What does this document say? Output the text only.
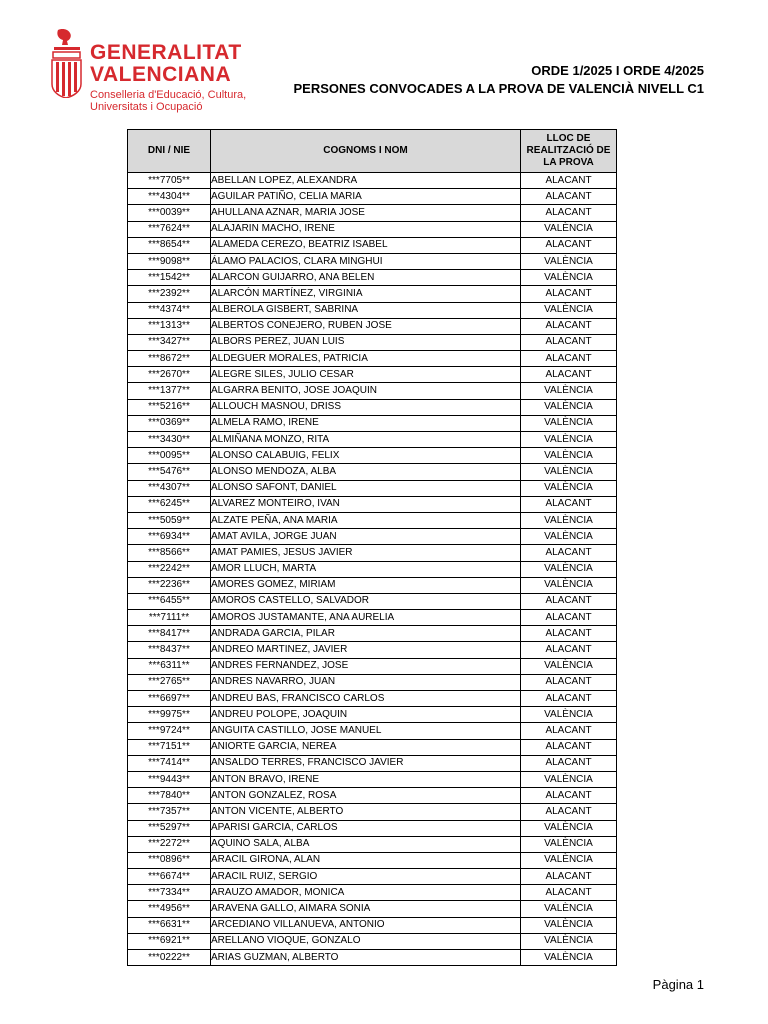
GENERALITAT
VALENCIANA
Conselleria d'Educació, Cultura,
Universitats i Ocupació
ORDE 1/2025 I ORDE 4/2025
PERSONES CONVOCADES A LA PROVA DE VALENCIÀ NIVELL C1
DNI / NIE	COGNOMS I NOM	LLOC DE REALITZACIÓ DE LA PROVA
***7705**	ABELLAN LOPEZ, ALEXANDRA	ALACANT
***4304**	AGUILAR PATIÑO, CELIA MARIA	ALACANT
***0039**	AHULLANA AZNAR, MARIA JOSE	ALACANT
***7624**	ALAJARIN MACHO, IRENE	VALÈNCIA
***8654**	ALAMEDA CEREZO, BEATRIZ ISABEL	ALACANT
***9098**	ÁLAMO PALACIOS, CLARA MINGHUI	VALÈNCIA
***1542**	ALARCON GUIJARRO, ANA BELEN	VALÈNCIA
***2392**	ALARCÓN MARTÍNEZ, VIRGINIA	ALACANT
***4374**	ALBEROLA GISBERT, SABRINA	VALÈNCIA
***1313**	ALBERTOS CONEJERO, RUBEN JOSE	ALACANT
***3427**	ALBORS PEREZ, JUAN LUIS	ALACANT
***8672**	ALDEGUER MORALES, PATRICIA	ALACANT
***2670**	ALEGRE SILES, JULIO CESAR	ALACANT
***1377**	ALGARRA BENITO, JOSE JOAQUIN	VALÈNCIA
***5216**	ALLOUCH MASNOU, DRISS	VALÈNCIA
***0369**	ALMELA RAMO, IRENE	VALÈNCIA
***3430**	ALMIÑANA MONZO, RITA	VALÈNCIA
***0095**	ALONSO CALABUIG, FELIX	VALÈNCIA
***5476**	ALONSO MENDOZA, ALBA	VALÈNCIA
***4307**	ALONSO SAFONT, DANIEL	VALÈNCIA
***6245**	ALVAREZ MONTEIRO, IVAN	ALACANT
***5059**	ALZATE PEÑA, ANA MARIA	VALÈNCIA
***6934**	AMAT AVILA, JORGE JUAN	VALÈNCIA
***8566**	AMAT PAMIES, JESUS JAVIER	ALACANT
***2242**	AMOR LLUCH, MARTA	VALÈNCIA
***2236**	AMORES GOMEZ, MIRIAM	VALÈNCIA
***6455**	AMOROS CASTELLO, SALVADOR	ALACANT
***7111**	AMOROS JUSTAMANTE, ANA AURELIA	ALACANT
***8417**	ANDRADA GARCIA, PILAR	ALACANT
***8437**	ANDREO MARTINEZ, JAVIER	ALACANT
***6311**	ANDRES FERNANDEZ, JOSE	VALÈNCIA
***2765**	ANDRES NAVARRO, JUAN	ALACANT
***6697**	ANDREU BAS, FRANCISCO CARLOS	ALACANT
***9975**	ANDREU POLOPE, JOAQUIN	VALÈNCIA
***9724**	ANGUITA CASTILLO, JOSE MANUEL	ALACANT
***7151**	ANIORTE GARCIA, NEREA	ALACANT
***7414**	ANSALDO TERRES, FRANCISCO JAVIER	ALACANT
***9443**	ANTON BRAVO, IRENE	VALÈNCIA
***7840**	ANTON GONZALEZ, ROSA	ALACANT
***7357**	ANTON VICENTE, ALBERTO	ALACANT
***5297**	APARISI GARCIA, CARLOS	VALÈNCIA
***2272**	AQUINO SALA, ALBA	VALÈNCIA
***0896**	ARACIL GIRONA, ALAN	VALÈNCIA
***6674**	ARACIL RUIZ, SERGIO	ALACANT
***7334**	ARAUZO AMADOR, MONICA	ALACANT
***4956**	ARAVENA GALLO, AIMARA SONIA	VALÈNCIA
***6631**	ARCEDIANO VILLANUEVA, ANTONIO	VALÈNCIA
***6921**	ARELLANO VIOQUE, GONZALO	VALÈNCIA
***0222**	ARIAS GUZMAN, ALBERTO	VALÈNCIA
Pàgina 1
